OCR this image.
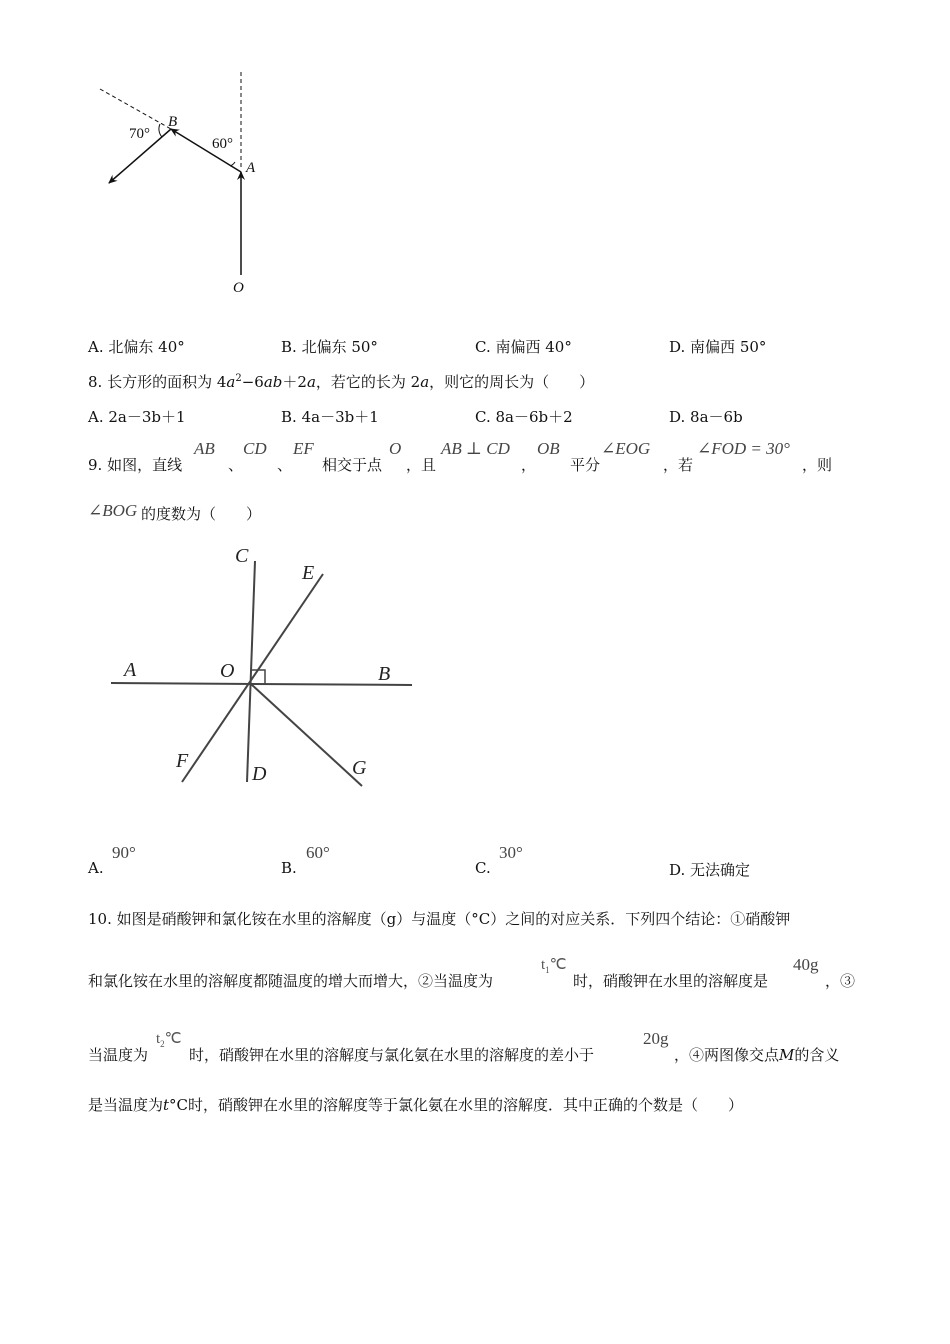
70°
60°
B
A
O
A. 北偏东 40°	B. 北偏东 50°	C. 南偏西 40°	D. 南偏西 50°
8. 长方形的面积为 $4a^2-6ab+2a$，若它的长为 2a，则它的周长为（　　）
A. 2a－3b＋1	B. 4a－3b＋1	C. 8a－6b＋2	D. 8a－6b
9. 如图，直线
AB
、
CD
、
EF
相交于点
O
，且
AB ⊥ CD
，
OB
平分
∠EOG
，若
∠FOD = 30°
，则
∠BOG 的度数为（　　）
C
E
A	O	B
F
D	G
A.
90°
B.
60°
C.
30°
D. 无法确定
10. 如图是硝酸钾和氯化铵在水里的溶解度（g）与温度（°C）之间的对应关系．下列四个结论：①硝酸钾
和氯化铵在水里的溶解度都随温度的增大而增大，②当温度为
$t_1℃$
时，硝酸钾在水里的溶解度是
40g
，③
当温度为
$t_2℃$
时，硝酸钾在水里的溶解度与氯化氨在水里的溶解度的差小于
20g
，④两图像交点M的含义
是当温度为t°C时，硝酸钾在水里的溶解度等于氯化氨在水里的溶解度．其中正确的个数是（　　）
